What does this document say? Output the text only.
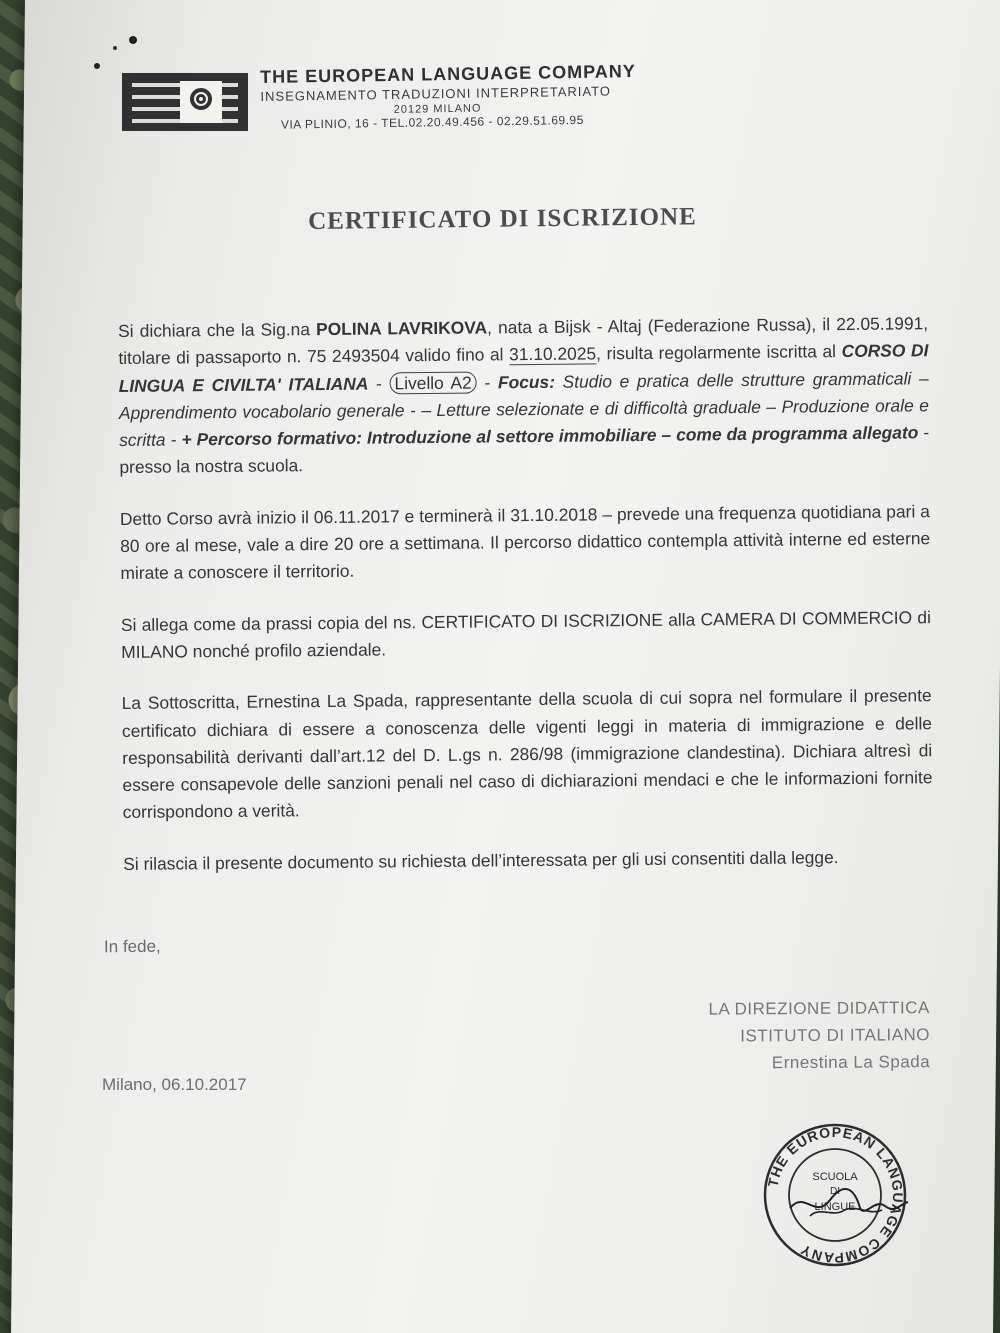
THE EUROPEAN LANGUAGE COMPANY
INSEGNAMENTO TRADUZIONI INTERPRETARIATO
20129 MILANO
VIA PLINIO, 16 - TEL.02.20.49.456 - 02.29.51.69.95
CERTIFICATO DI ISCRIZIONE

Si dichiara che la Sig.na POLINA LAVRIKOVA, nata a Bijsk - Altaj (Federazione Russa), il 22.05.1991, titolare di passaporto n. 75 2493504 valido fino al 31.10.2025, risulta regolarmente iscritta al CORSO DI LINGUA E CIVILTA' ITALIANA - Livello A2 - Focus: Studio e pratica delle strutture grammaticali – Apprendimento vocabolario generale - – Letture selezionate e di difficoltà graduale – Produzione orale e scritta - + Percorso formativo: Introduzione al settore immobiliare – come da programma allegato - presso la nostra scuola.

Detto Corso avrà inizio il 06.11.2017 e terminerà il 31.10.2018 – prevede una frequenza quotidiana pari a 80 ore al mese, vale a dire 20 ore a settimana. Il percorso didattico contempla attività interne ed esterne mirate a conoscere il territorio.

Si allega come da prassi copia del ns. CERTIFICATO DI ISCRIZIONE alla CAMERA DI COMMERCIO di MILANO nonché profilo aziendale.

La Sottoscritta, Ernestina La Spada, rappresentante della scuola di cui sopra nel formulare il presente certificato dichiara di essere a conoscenza delle vigenti leggi in materia di immigrazione e delle responsabilità derivanti dall’art.12 del D. L.gs n. 286/98 (immigrazione clandestina). Dichiara altresì di essere consapevole delle sanzioni penali nel caso di dichiarazioni mendaci e che le informazioni fornite corrispondono a verità.

Si rilascia il presente documento su richiesta dell’interessata per gli usi consentiti dalla legge.

In fede,
LA DIREZIONE DIDATTICA
ISTITUTO DI ITALIANO
Ernestina La Spada
Milano, 06.10.2017
THE EUROPEAN LANGUAGE COMPANY
SCUOLA
DI
LINGUE
